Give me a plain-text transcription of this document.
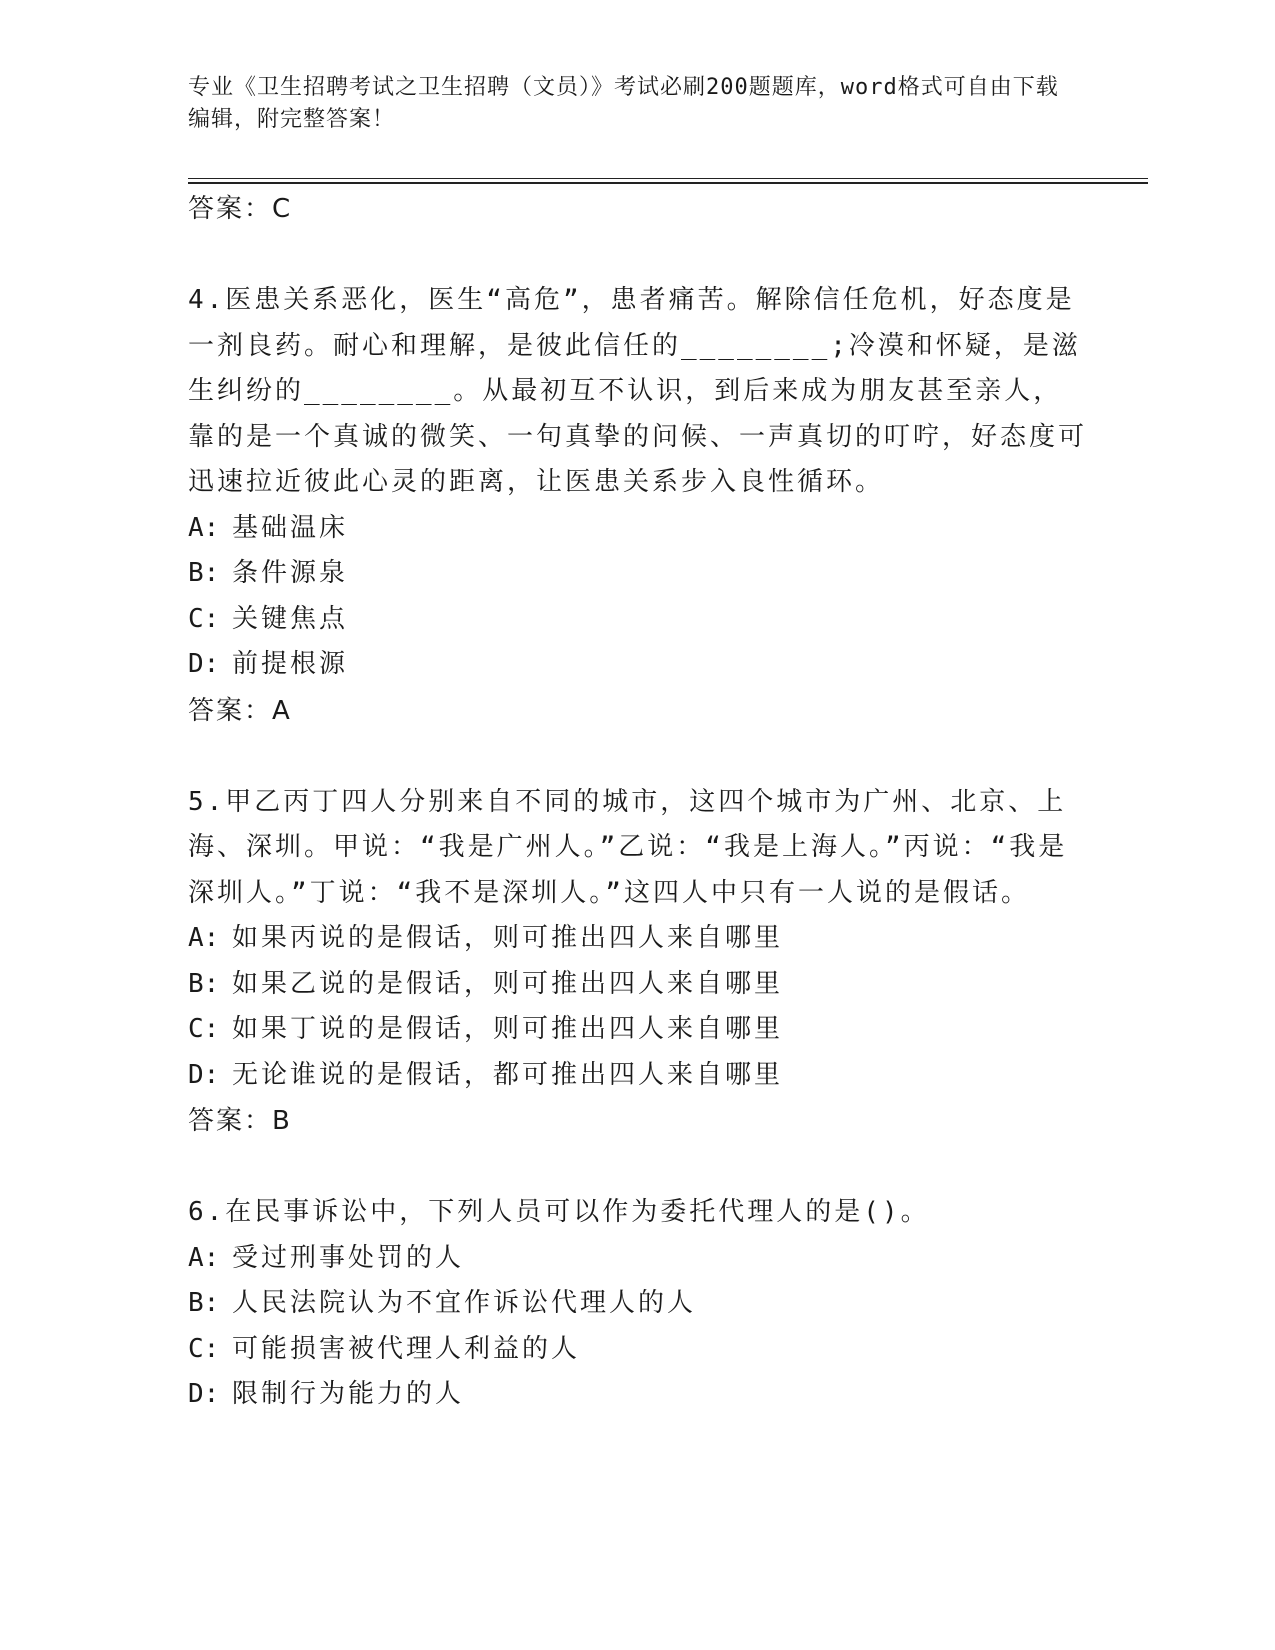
专业《卫生招聘考试之卫生招聘（文员）》考试必刷200题题库，word格式可自由下载编辑，附完整答案！
答案：C

4.医患关系恶化，医生“高危”，患者痛苦。解除信任危机，好态度是一剂良药。耐心和理解，是彼此信任的________;冷漠和怀疑，是滋生纠纷的________。从最初互不认识，到后来成为朋友甚至亲人，靠的是一个真诚的微笑、一句真挚的问候、一声真切的叮咛，好态度可迅速拉近彼此心灵的距离，让医患关系步入良性循环。

A: 基础温床
B: 条件源泉
C: 关键焦点
D: 前提根源
答案：A

5.甲乙丙丁四人分别来自不同的城市，这四个城市为广州、北京、上海、深圳。甲说：“我是广州人。”乙说：“我是上海人。”丙说：“我是深圳人。”丁说：“我不是深圳人。”这四人中只有一人说的是假话。

A: 如果丙说的是假话，则可推出四人来自哪里
B: 如果乙说的是假话，则可推出四人来自哪里
C: 如果丁说的是假话，则可推出四人来自哪里
D: 无论谁说的是假话，都可推出四人来自哪里
答案：B

6.在民事诉讼中，下列人员可以作为委托代理人的是()。

A: 受过刑事处罚的人
B: 人民法院认为不宜作诉讼代理人的人
C: 可能损害被代理人利益的人
D: 限制行为能力的人
